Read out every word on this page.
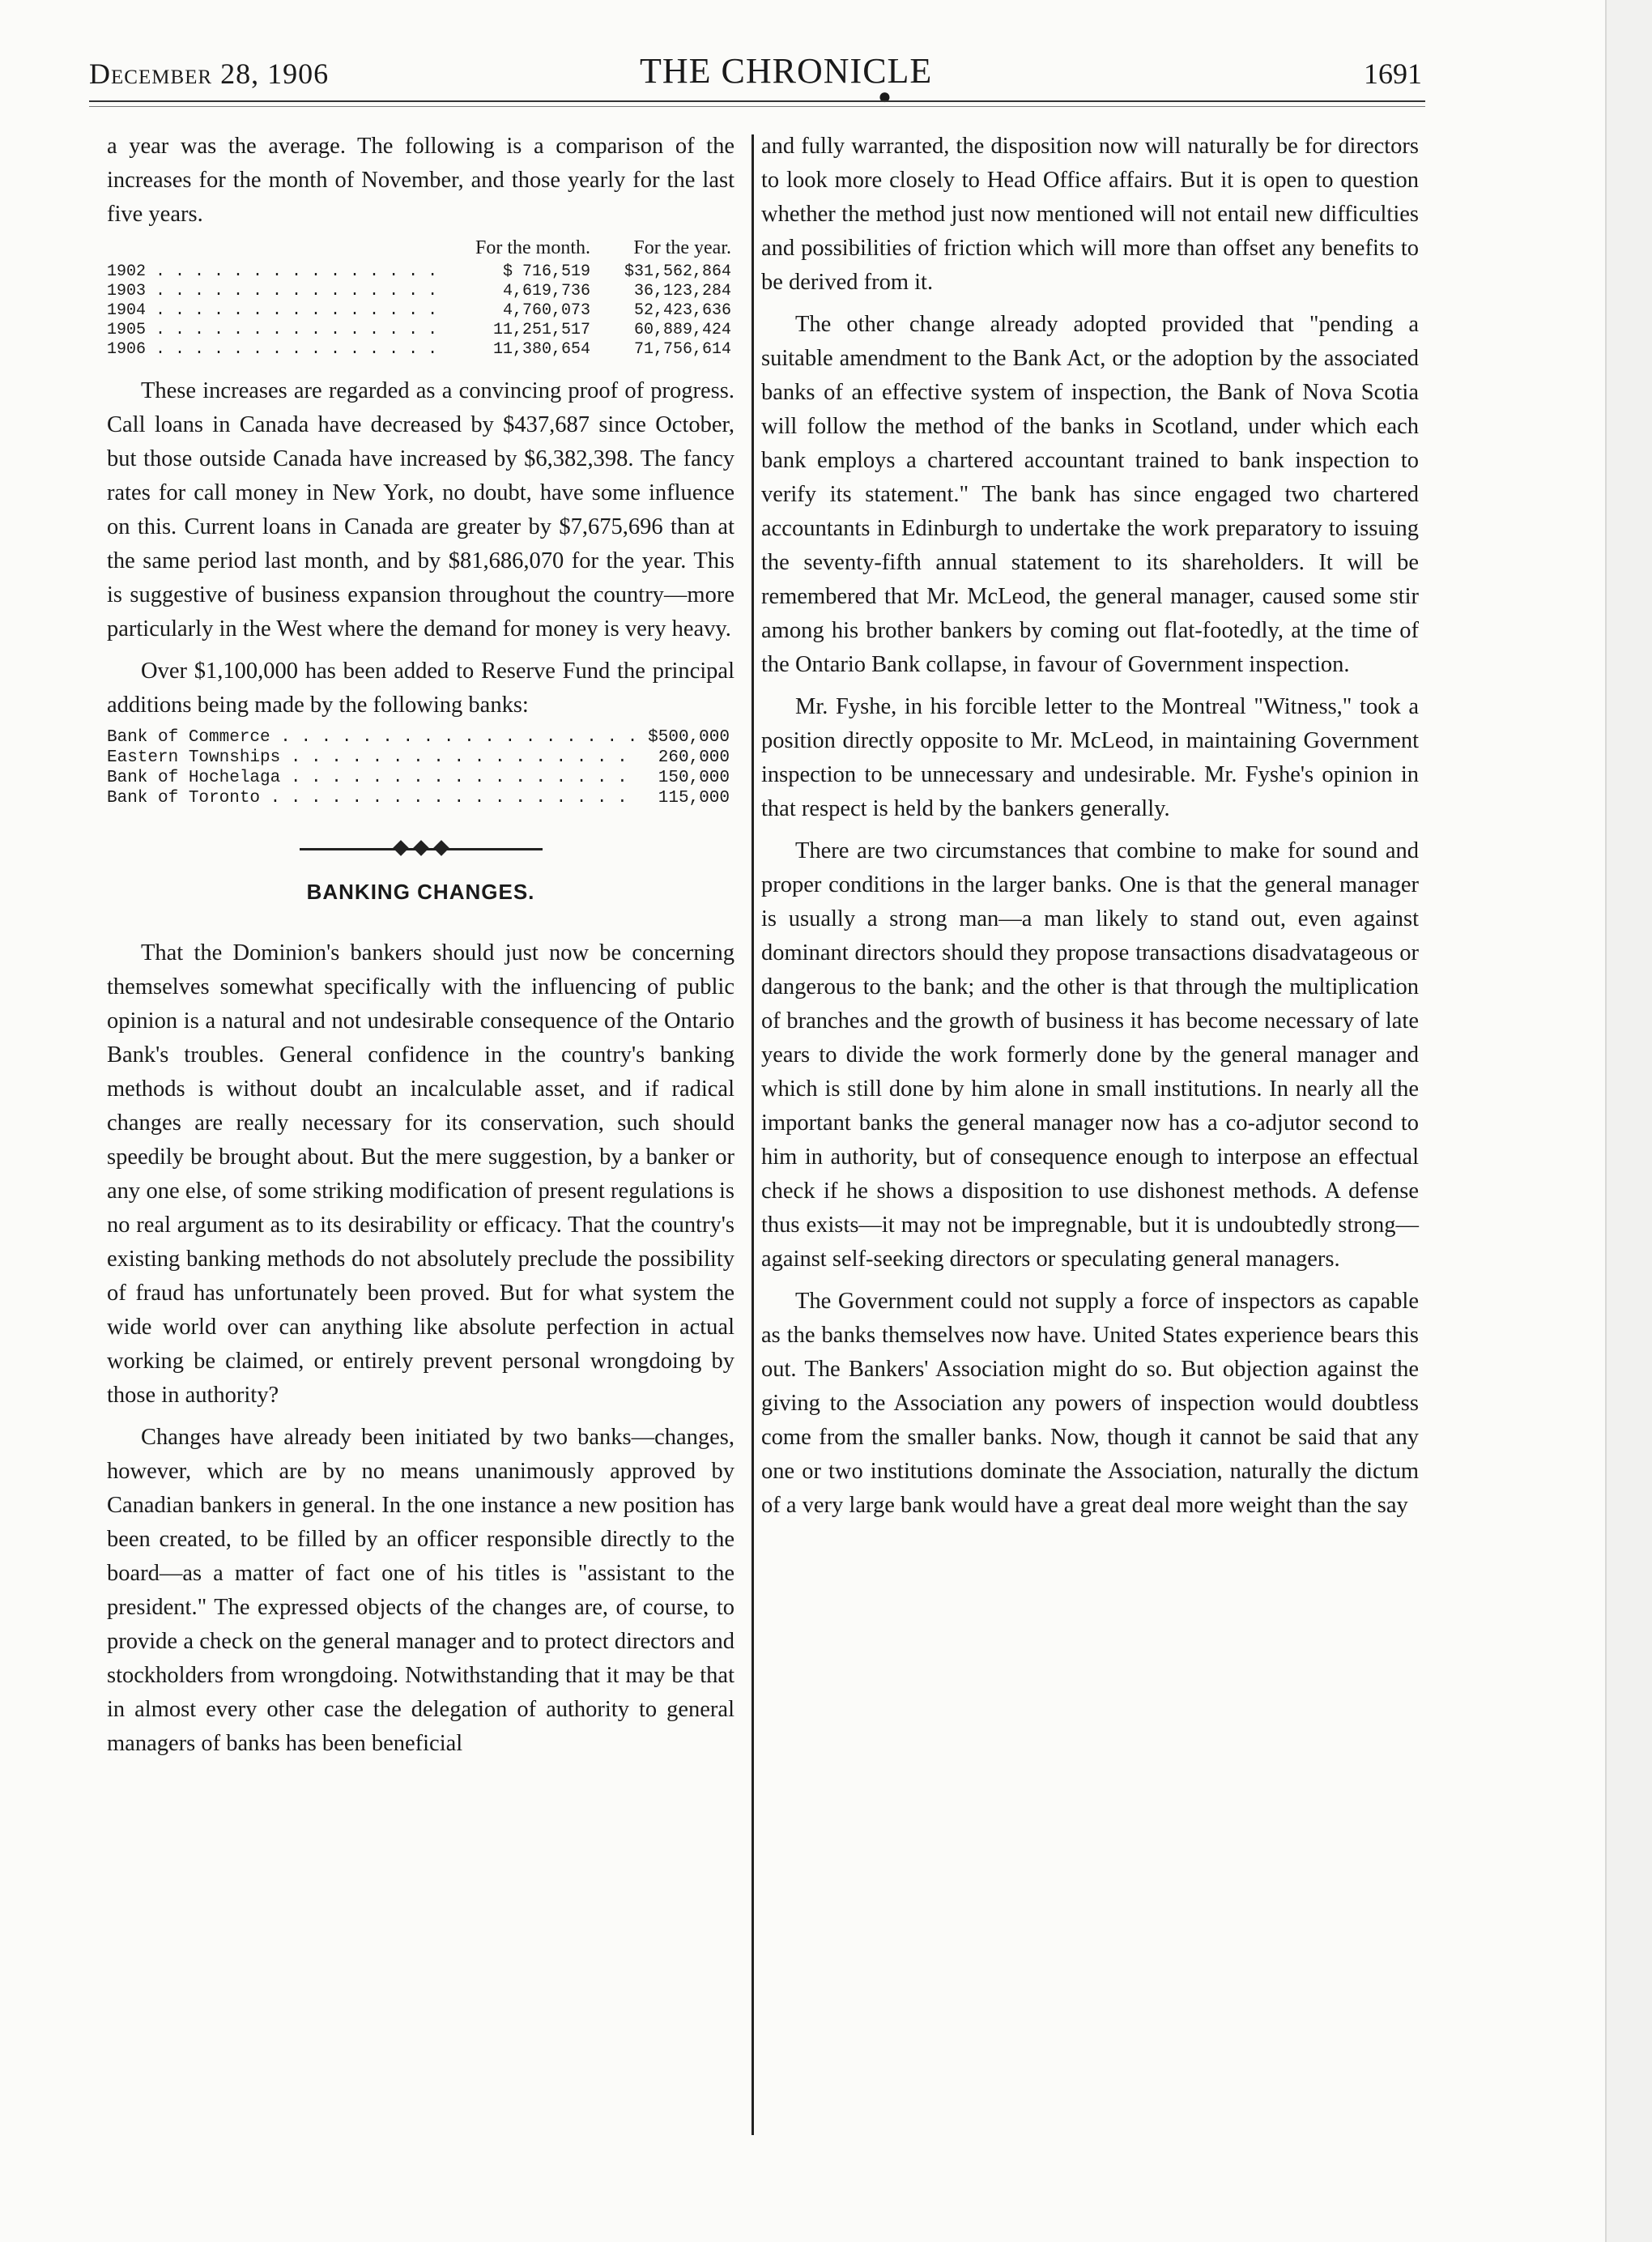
December 28, 1906	THE CHRONICLE
●
1691

a year was the average. The following is a comparison of the increases for the month of November, and those yearly for the last five years.

	For the month.	For the year.
1902 . . . . . . . . . . . . . . .	$ 716,519	$31,562,864
1903 . . . . . . . . . . . . . . .	4,619,736	36,123,284
1904 . . . . . . . . . . . . . . .	4,760,073	52,423,636
1905 . . . . . . . . . . . . . . .	11,251,517	60,889,424
1906 . . . . . . . . . . . . . . .	11,380,654	71,756,614

These increases are regarded as a convincing proof of progress. Call loans in Canada have decreased by $437,687 since October, but those outside Canada have increased by $6,382,398. The fancy rates for call money in New York, no doubt, have some influence on this. Current loans in Canada are greater by $7,675,696 than at the same period last month, and by $81,686,070 for the year. This is suggestive of business expansion throughout the country—more particularly in the West where the demand for money is very heavy.

Over $1,100,000 has been added to Reserve Fund the principal additions being made by the following banks:

Bank of Commerce . . . . . . . . . . . . . . . . . .	$500,000
Eastern Townships . . . . . . . . . . . . . . . . .	260,000
Bank of Hochelaga . . . . . . . . . . . . . . . . .	150,000
Bank of Toronto . . . . . . . . . . . . . . . . . .	115,000
BANKING CHANGES.

That the Dominion's bankers should just now be concerning themselves somewhat specifically with the influencing of public opinion is a natural and not undesirable consequence of the Ontario Bank's troubles. General confidence in the country's banking methods is without doubt an incalculable asset, and if radical changes are really necessary for its conservation, such should speedily be brought about. But the mere suggestion, by a banker or any one else, of some striking modification of present regulations is no real argument as to its desirability or efficacy. That the country's existing banking methods do not absolutely preclude the possibility of fraud has unfortunately been proved. But for what system the wide world over can anything like absolute perfection in actual working be claimed, or entirely prevent personal wrongdoing by those in authority?

Changes have already been initiated by two banks—changes, however, which are by no means unanimously approved by Canadian bankers in general. In the one instance a new position has been created, to be filled by an officer responsible directly to the board—as a matter of fact one of his titles is "assistant to the president." The expressed objects of the changes are, of course, to provide a check on the general manager and to protect directors and stockholders from wrongdoing. Notwithstanding that it may be that in almost every other case the delegation of authority to general managers of banks has been beneficial

and fully warranted, the disposition now will naturally be for directors to look more closely to Head Office affairs. But it is open to question whether the method just now mentioned will not entail new difficulties and possibilities of friction which will more than offset any benefits to be derived from it.

The other change already adopted provided that "pending a suitable amendment to the Bank Act, or the adoption by the associated banks of an effective system of inspection, the Bank of Nova Scotia will follow the method of the banks in Scotland, under which each bank employs a chartered accountant trained to bank inspection to verify its statement." The bank has since engaged two chartered accountants in Edinburgh to undertake the work preparatory to issuing the seventy-fifth annual statement to its shareholders. It will be remembered that Mr. McLeod, the general manager, caused some stir among his brother bankers by coming out flat-footedly, at the time of the Ontario Bank collapse, in favour of Government inspection.

Mr. Fyshe, in his forcible letter to the Montreal "Witness," took a position directly opposite to Mr. McLeod, in maintaining Government inspection to be unnecessary and undesirable. Mr. Fyshe's opinion in that respect is held by the bankers generally.

There are two circumstances that combine to make for sound and proper conditions in the larger banks. One is that the general manager is usually a strong man—a man likely to stand out, even against dominant directors should they propose transactions disadvatageous or dangerous to the bank; and the other is that through the multiplication of branches and the growth of business it has become necessary of late years to divide the work formerly done by the general manager and which is still done by him alone in small institutions. In nearly all the important banks the general manager now has a co-adjutor second to him in authority, but of consequence enough to interpose an effectual check if he shows a disposition to use dishonest methods. A defense thus exists—it may not be impregnable, but it is undoubtedly strong—against self-seeking directors or speculating general managers.

The Government could not supply a force of inspectors as capable as the banks themselves now have. United States experience bears this out. The Bankers' Association might do so. But objection against the giving to the Association any powers of inspection would doubtless come from the smaller banks. Now, though it cannot be said that any one or two institutions dominate the Association, naturally the dictum of a very large bank would have a great deal more weight than the say
